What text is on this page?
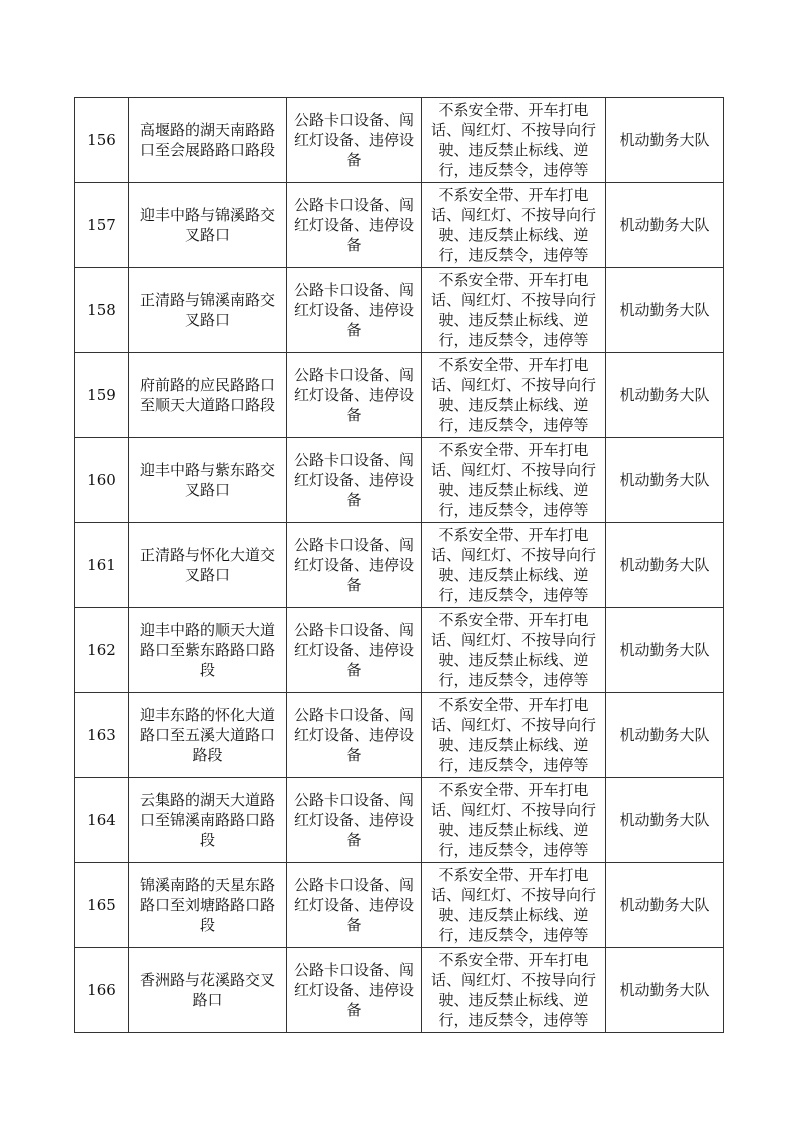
156	高堰路的湖天南路路口至会展路路口路段	公路卡口设备、闯红灯设备、违停设备	不系安全带、开车打电话、闯红灯、不按导向行驶、违反禁止标线、逆行，违反禁令，违停等	机动勤务大队
157	迎丰中路与锦溪路交叉路口	公路卡口设备、闯红灯设备、违停设备	不系安全带、开车打电话、闯红灯、不按导向行驶、违反禁止标线、逆行，违反禁令，违停等	机动勤务大队
158	正清路与锦溪南路交叉路口	公路卡口设备、闯红灯设备、违停设备	不系安全带、开车打电话、闯红灯、不按导向行驶、违反禁止标线、逆行，违反禁令，违停等	机动勤务大队
159	府前路的应民路路口至顺天大道路口路段	公路卡口设备、闯红灯设备、违停设备	不系安全带、开车打电话、闯红灯、不按导向行驶、违反禁止标线、逆行，违反禁令，违停等	机动勤务大队
160	迎丰中路与紫东路交叉路口	公路卡口设备、闯红灯设备、违停设备	不系安全带、开车打电话、闯红灯、不按导向行驶、违反禁止标线、逆行，违反禁令，违停等	机动勤务大队
161	正清路与怀化大道交叉路口	公路卡口设备、闯红灯设备、违停设备	不系安全带、开车打电话、闯红灯、不按导向行驶、违反禁止标线、逆行，违反禁令，违停等	机动勤务大队
162	迎丰中路的顺天大道路口至紫东路路口路段	公路卡口设备、闯红灯设备、违停设备	不系安全带、开车打电话、闯红灯、不按导向行驶、违反禁止标线、逆行，违反禁令，违停等	机动勤务大队
163	迎丰东路的怀化大道路口至五溪大道路口路段	公路卡口设备、闯红灯设备、违停设备	不系安全带、开车打电话、闯红灯、不按导向行驶、违反禁止标线、逆行，违反禁令，违停等	机动勤务大队
164	云集路的湖天大道路口至锦溪南路路口路段	公路卡口设备、闯红灯设备、违停设备	不系安全带、开车打电话、闯红灯、不按导向行驶、违反禁止标线、逆行，违反禁令，违停等	机动勤务大队
165	锦溪南路的天星东路路口至刘塘路路口路段	公路卡口设备、闯红灯设备、违停设备	不系安全带、开车打电话、闯红灯、不按导向行驶、违反禁止标线、逆行，违反禁令，违停等	机动勤务大队
166	香洲路与花溪路交叉路口	公路卡口设备、闯红灯设备、违停设备	不系安全带、开车打电话、闯红灯、不按导向行驶、违反禁止标线、逆行，违反禁令，违停等	机动勤务大队
